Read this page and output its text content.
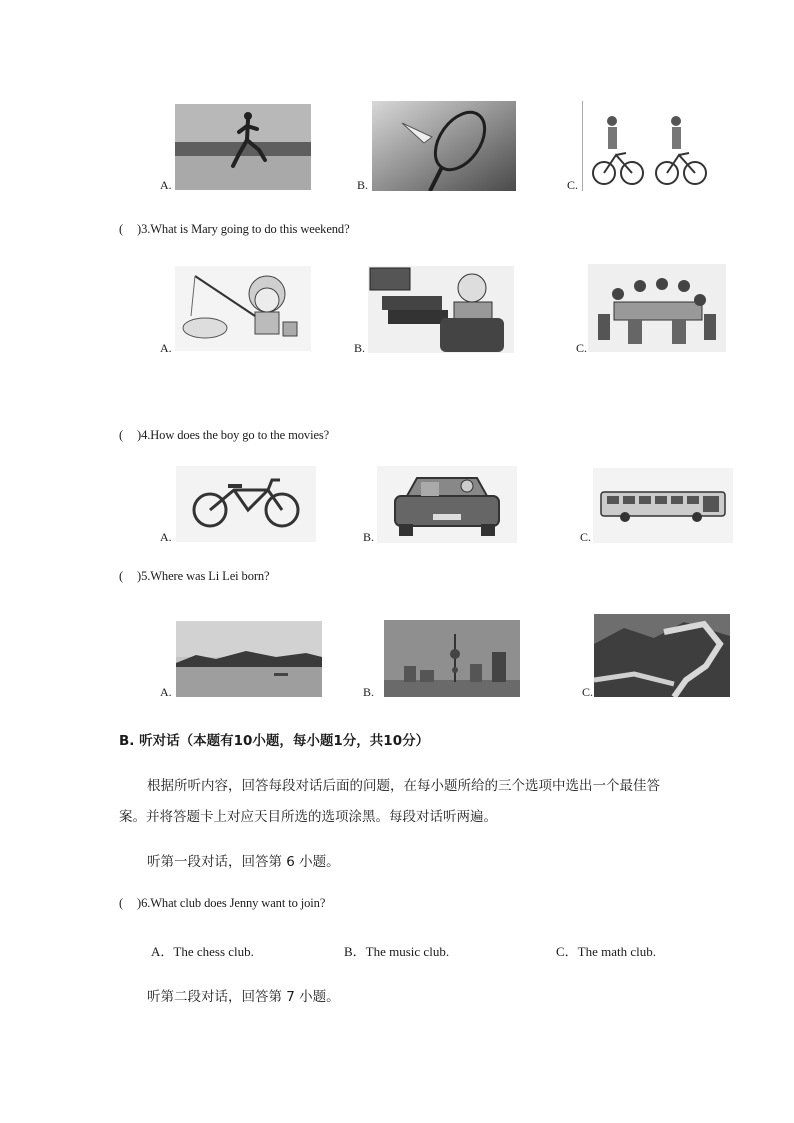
A.	B.	C.
( )3.What is Mary going to do this weekend?
A.	B.	C.
( )4.How does the boy go to the movies?
A.	B.	C.
( )5.Where was Li Lei born?
A.	B.	C.
B. 听对话（本题有10小题，每小题1分，共10分）
根据所听内容，回答每段对话后面的问题，在每小题所给的三个选项中选出一个最佳答
案。并将答题卡上对应天目所选的选项涂黑。每段对话听两遍。
听第一段对话，回答第 6 小题。
( )6.What club does Jenny want to join?
A．The chess club.	B．The music club.	C．The math club.
听第二段对话，回答第 7 小题。
